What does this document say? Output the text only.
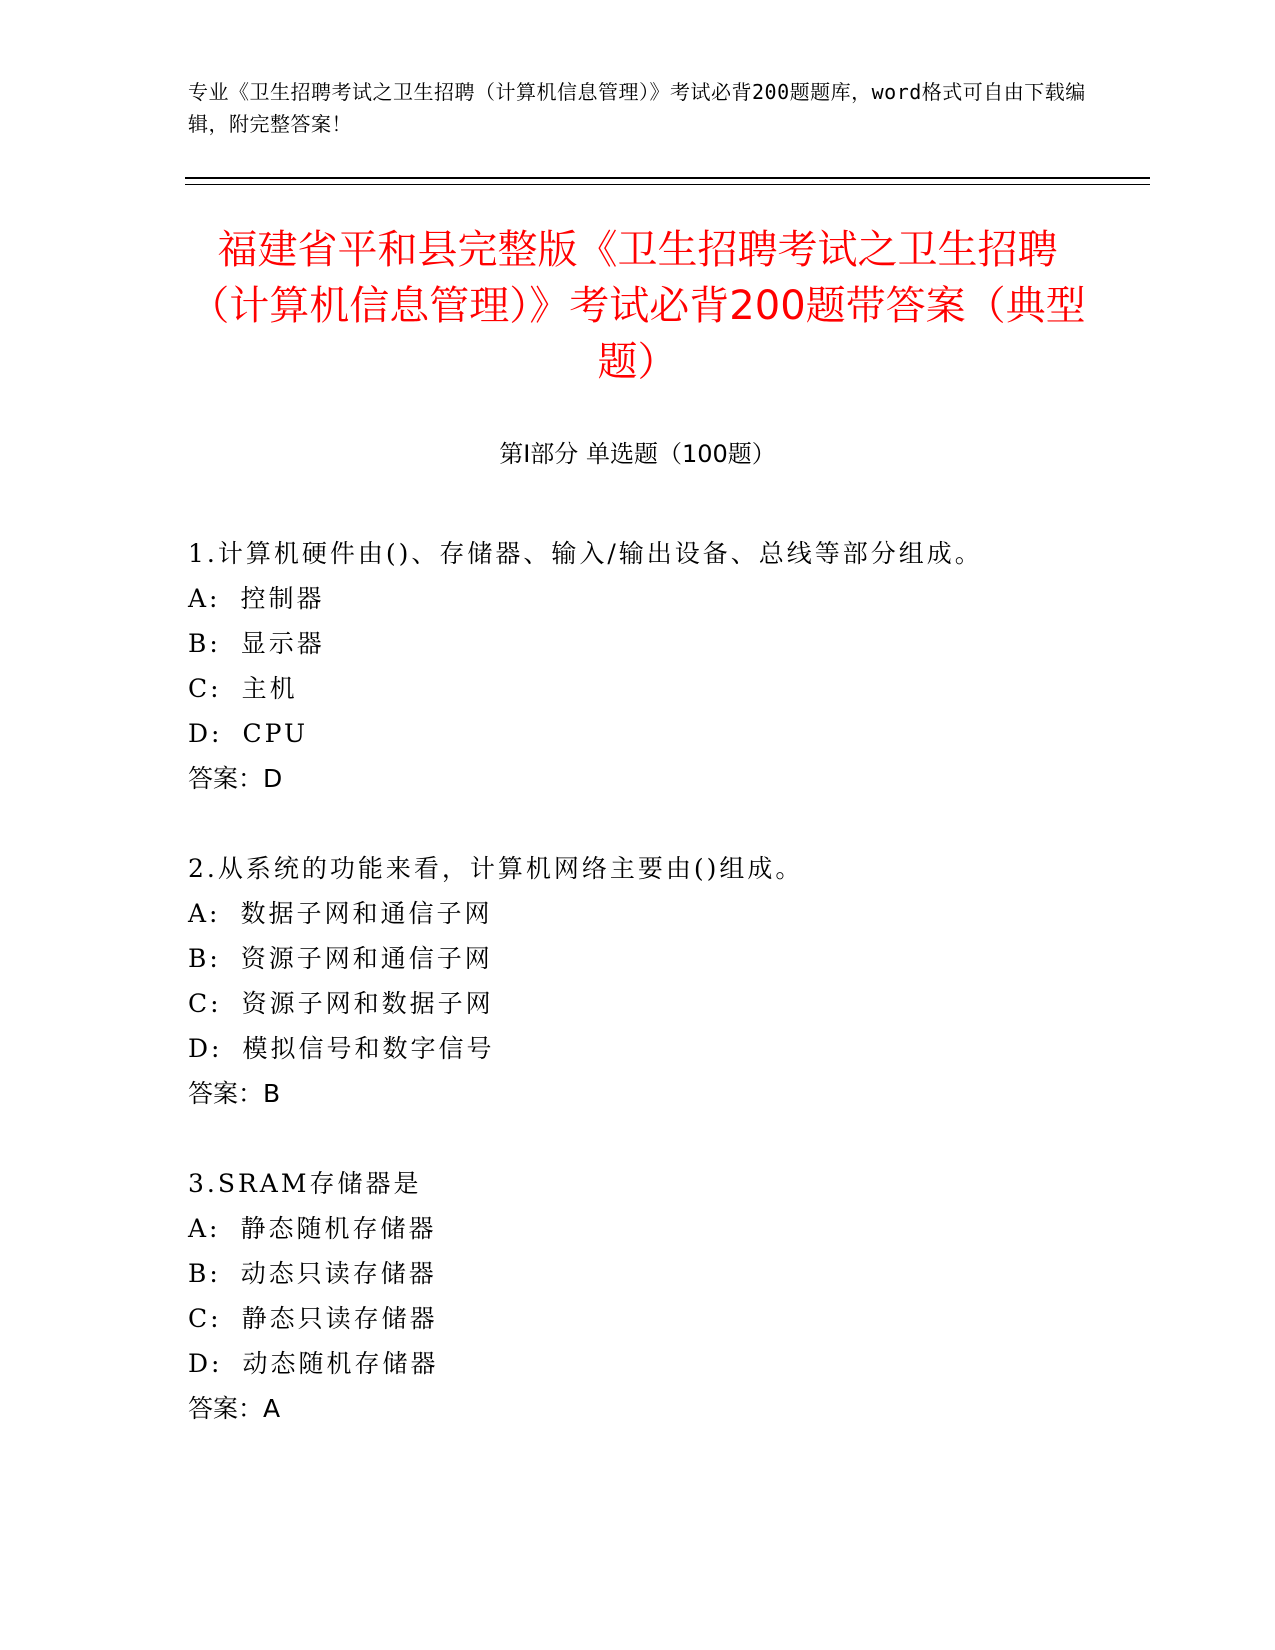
专业《卫生招聘考试之卫生招聘（计算机信息管理）》考试必背200题题库，word格式可自由下载编辑，附完整答案！
福建省平和县完整版《卫生招聘考试之卫生招聘（计算机信息管理）》考试必背200题带答案（典型题）
第Ⅰ部分 单选题（100题）
1.计算机硬件由()、存储器、输入/输出设备、总线等部分组成。
A: 控制器
B: 显示器
C: 主机
D: CPU
答案：D
2.从系统的功能来看，计算机网络主要由()组成。
A: 数据子网和通信子网
B: 资源子网和通信子网
C: 资源子网和数据子网
D: 模拟信号和数字信号
答案：B
3.SRAM存储器是
A: 静态随机存储器
B: 动态只读存储器
C: 静态只读存储器
D: 动态随机存储器
答案：A
